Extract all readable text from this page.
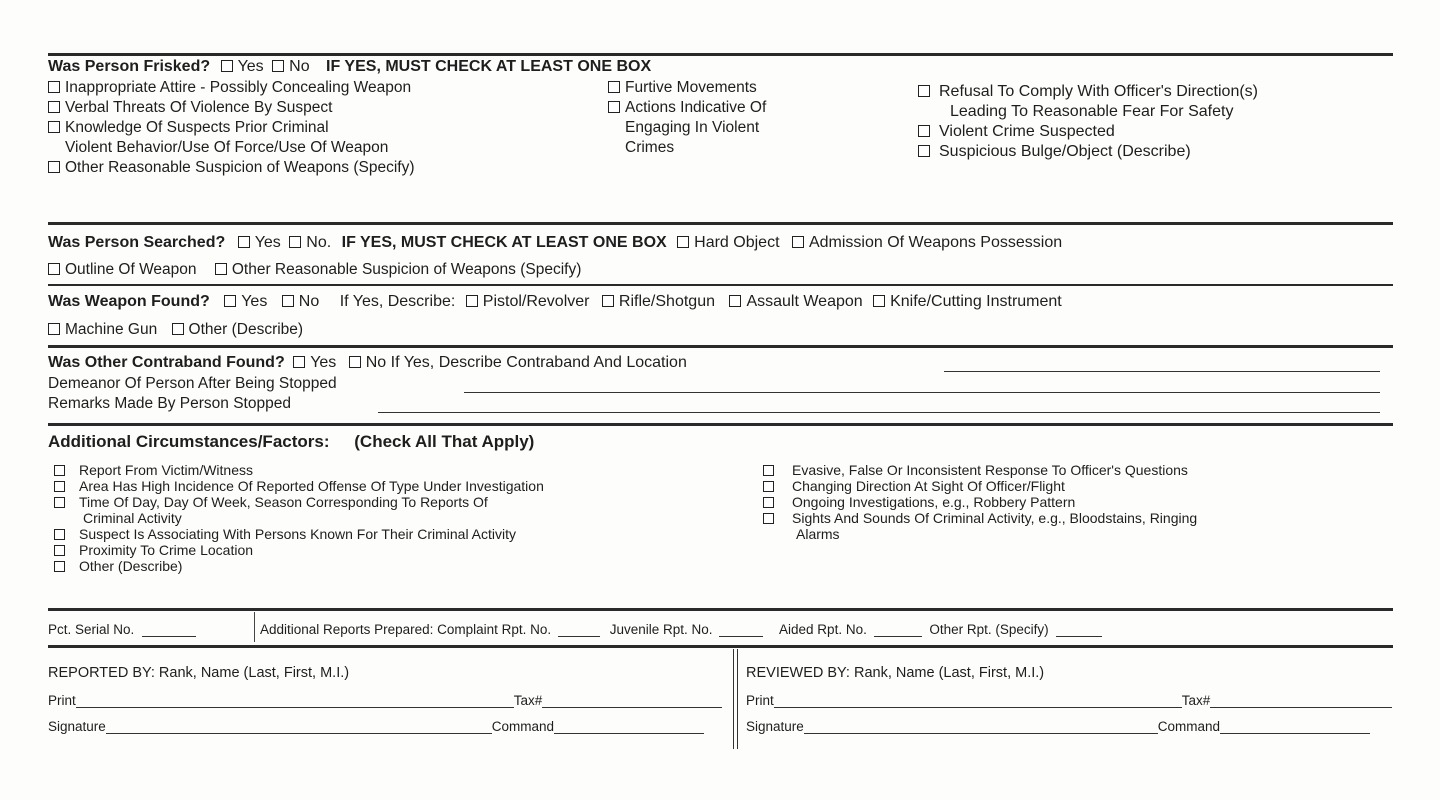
Was Person Frisked? Yes No IF YES, MUST CHECK AT LEAST ONE BOX
Inappropriate Attire - Possibly Concealing Weapon
Verbal Threats Of Violence By Suspect
Knowledge Of Suspects Prior Criminal
Violent Behavior/Use Of Force/Use Of Weapon
Other Reasonable Suspicion of Weapons (Specify)
Furtive Movements
Actions Indicative Of
Engaging In Violent
Crimes
Refusal To Comply With Officer's Direction(s)
Leading To Reasonable Fear For Safety
Violent Crime Suspected
Suspicious Bulge/Object (Describe)
Was Person Searched? Yes No. IF YES, MUST CHECK AT LEAST ONE BOX Hard Object Admission Of Weapons Possession
Outline Of Weapon Other Reasonable Suspicion of Weapons (Specify)
Was Weapon Found? Yes No If Yes, Describe: Pistol/Revolver Rifle/Shotgun Assault Weapon Knife/Cutting Instrument
Machine Gun Other (Describe)
Was Other Contraband Found? Yes No If Yes, Describe Contraband And Location
Demeanor Of Person After Being Stopped
Remarks Made By Person Stopped
Additional Circumstances/Factors: (Check All That Apply)
Report From Victim/Witness
Area Has High Incidence Of Reported Offense Of Type Under Investigation
Time Of Day, Day Of Week, Season Corresponding To Reports Of
Criminal Activity
Suspect Is Associating With Persons Known For Their Criminal Activity
Proximity To Crime Location
Other (Describe)
Evasive, False Or Inconsistent Response To Officer's Questions
Changing Direction At Sight Of Officer/Flight
Ongoing Investigations, e.g., Robbery Pattern
Sights And Sounds Of Criminal Activity, e.g., Bloodstains, Ringing
Alarms
Pct. Serial No.	Additional Reports Prepared: Complaint Rpt. No.	Juvenile Rpt. No.	Aided Rpt. No.	Other Rpt. (Specify)
REPORTED BY: Rank, Name (Last, First, M.I.)
Print	Tax#
Signature	Command
REVIEWED BY: Rank, Name (Last, First, M.I.)
Print	Tax#
Signature	Command
